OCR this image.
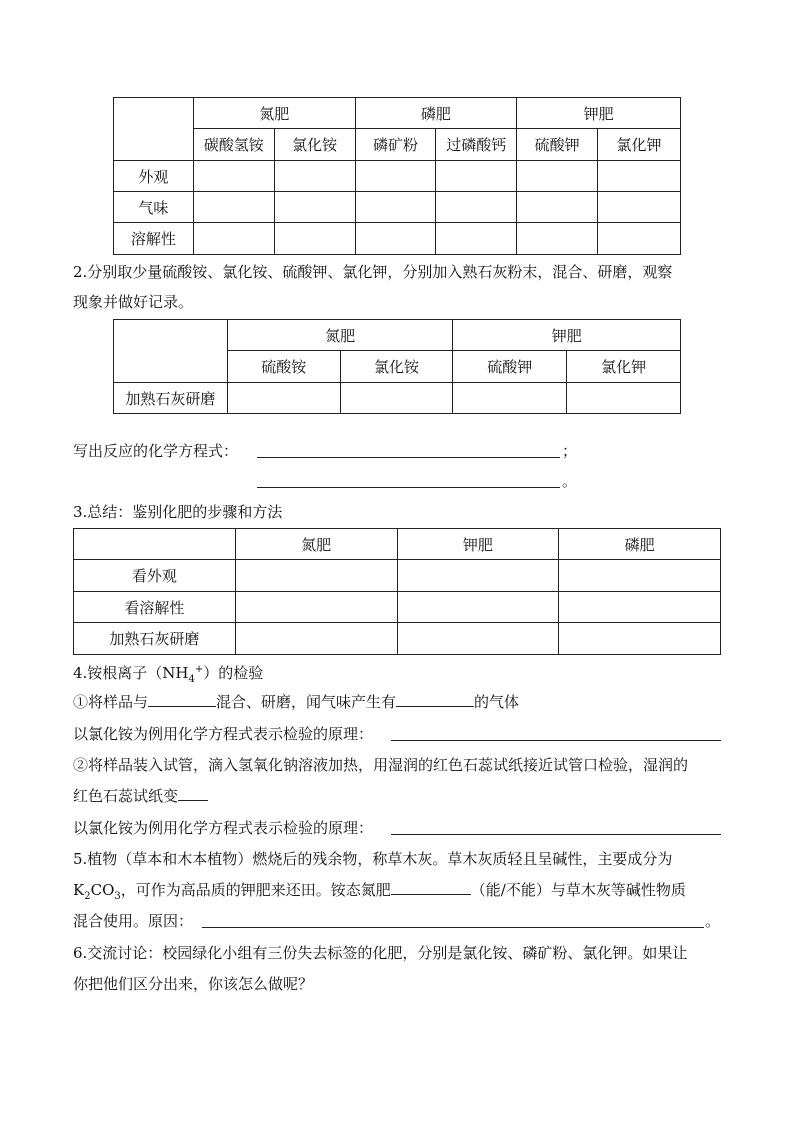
	氮肥		磷肥		钾肥	
	碳酸氢铵	氯化铵	磷矿粉	过磷酸钙	硫酸钾	氯化钾
外观						
气味						
溶解性						
2.分别取少量硫酸铵、氯化铵、硫酸钾、氯化钾，分别加入熟石灰粉末，混合、研磨，观察
现象并做好记录。
	氮肥		钾肥	
	硫酸铵	氯化铵	硫酸钾	氯化钾
加熟石灰研磨				
写出反应的化学方程式：	；
。
3.总结：鉴别化肥的步骤和方法
	氮肥	钾肥	磷肥
看外观			
看溶解性			
加熟石灰研磨			
4.铵根离子$(NH_4^+)$的检验
①将样品与	混合、研磨，闻气味产生有	的气体
以氯化铵为例用化学方程式表示检验的原理：
②将样品装入试管，滴入氢氧化钠溶液加热，用湿润的红色石蕊试纸接近试管口检验，湿润的
红色石蕊试纸变
以氯化铵为例用化学方程式表示检验的原理：
5.植物（草本和木本植物）燃烧后的残余物，称草木灰。草木灰质轻且呈碱性，主要成分为
$K_2CO_3$，可作为高品质的钾肥来还田。铵态氮肥	（能/不能）与草木灰等碱性物质
混合使用。原因：	。
6.交流讨论：校园绿化小组有三份失去标签的化肥，分别是氯化铵、磷矿粉、氯化钾。如果让
你把他们区分出来，你该怎么做呢？
